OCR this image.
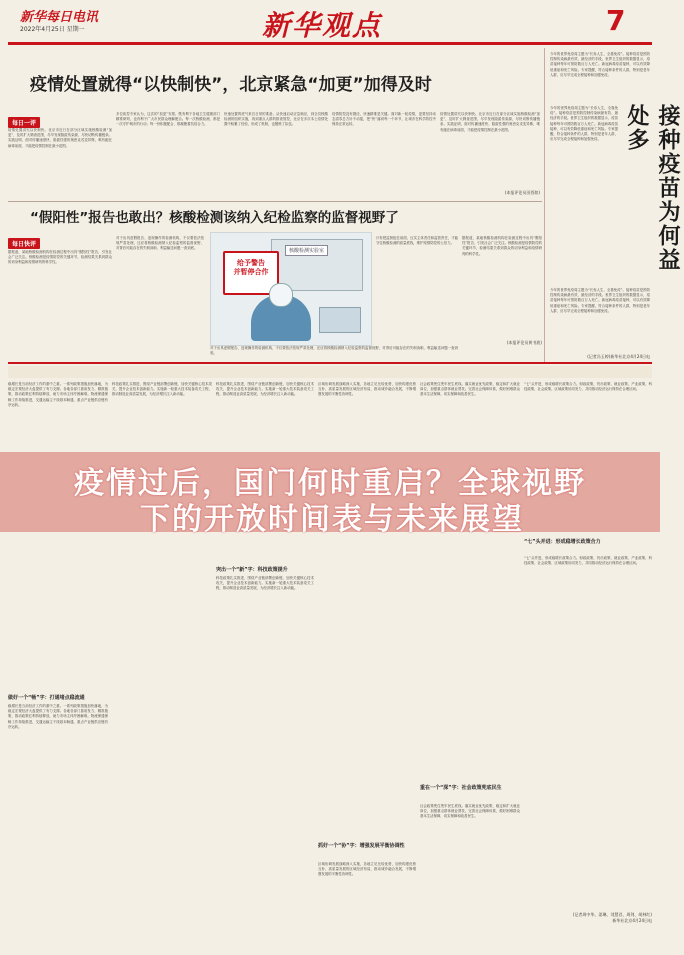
新华每日电讯
2022年4月25日 星期一	新华观点	7
今年的世界免疫周主题为“长寿人生，全靠免疫”。接种疫苗是预防控制传染病最有效、最经济的手段。世界卫生组织的数据显示，疫苗接种每年可预防数百万人死亡。新冠病毒疫苗接种，可以有效降低重症和死亡风险。专家提醒，符合接种条件的人群，特别是老年人群，应尽早完成全程接种和加强免疫。
接种疫苗为何益处多
今年的世界免疫周主题为“长寿人生，全靠免疫”。接种疫苗是预防控制传染病最有效、最经济的手段。世界卫生组织的数据显示，疫苗接种每年可预防数百万人死亡。新冠病毒疫苗接种，可以有效降低重症和死亡风险。专家提醒，符合接种条件的人群，特别是老年人群，应尽早完成全程接种和加强免疫。
今年的世界免疫周主题为“长寿人生，全靠免疫”。接种疫苗是预防控制传染病最有效、最经济的手段。世界卫生组织的数据显示，疫苗接种每年可预防数百万人死亡。新冠病毒疫苗接种，可以有效降低重症和死亡风险。专家提醒，符合接种条件的人群，特别是老年人群，应尽早完成全程接种和加强免疫。
(记者冯玉婷)新华社北京4月24日电
疫情处置就得“以快制快”，北京紧急“加更”加得及时
每日一评
疫情处置讲究以快制快。北京市近日在部分区域实施核酸检测“加更”，及时扩大筛查范围，尽早发现隐匿传染源，尽快切断传播链条。实践证明，面对传播速度快、隐匿性强的奥密克戎变异株，唯有跑在病毒前面，才能把疫情控制在最小范围。
多位疾控专家认为，这次的“加更”安排，既有利于各地卫生健康部门精准研判，也有利于广大市民群众理解配合。每一次核酸检测，都是一次守护城市的行动；每一份积极配合，都凝聚着抗疫合力。
快速处置的底气来自日常的准备。从快速启动应急响应，到全员核酸检测的组织实施，再到重点人群的排查管控，北京在多次本土疫情处置中积累了经验，形成了机制，也锻炼了队伍。
疫情防控没有捷径，快速精准是关键。面对新一轮疫情，更要坚持动态清零总方针不动摇，把“快”落到每一个环节，让城市在科学防控中保持正常运转。
疫情处置讲究以快制快。北京市近日在部分区域实施核酸检测“加更”，及时扩大筛查范围，尽早发现隐匿传染源，尽快切断传播链条。实践证明，面对传播速度快、隐匿性强的奥密克戎变异株，唯有跑在病毒前面，才能把疫情控制在最小范围。
(本报评论员田酉如)
“假阳性”报告也敢出？核酸检测该纳入纪检监察的监督视野了
每日快评
据报道，某地核酸检测机构在检测过程中出具“假阳性”报告，引发社会广泛关注。核酸检测是疫情防控的关键环节，检测结果关系到群众的切身利益和疫情研判的科学性。
对于出具虚假报告、违规操作的检测机构，不仅要依法依规严肃处理，还应将核酸检测纳入纪检监察的监督视野，对背后可能存在的失职渎职、利益输送问题一查到底。	核酸检测实验室
给予警告
并暂停合作
只有把监督挺在前面，压实主体责任和监管责任，才能守住核酸检测的质量底线，维护疫情防控的公信力。
据报道，某地核酸检测机构在检测过程中出具“假阳性”报告，引发社会广泛关注。核酸检测是疫情防控的关键环节，检测结果关系到群众的切身利益和疫情研判的科学性。
(本报评论员黄书波)
对于出具虚假报告、违规操作的检测机构，不仅要依法依规严肃处理，还应将核酸检测纳入纪检监察的监督视野，对背后可能存在的失职渎职、利益输送问题一查到底。
稳增长是当前经济工作的重中之重。一系列政策措施加快落地，为稳定宏观经济大盘提供了有力支撑。各地各部门靠前发力、精准施策，推动政策红利持续释放，助力市场主体纾困解难。物流保通保畅工作持续推进，交通运输主干线基本畅通，重点产业链供应链有序运转。
做好一个“畅”字：打通堵点稳流通
稳增长是当前经济工作的重中之重。一系列政策措施加快落地，为稳定宏观经济大盘提供了有力支撑。各地各部门靠前发力、精准施策，推动政策红利持续释放，助力市场主体纾困解难。物流保通保畅工作持续推进，交通运输主干线基本畅通，重点产业链供应链有序运转。
科技政策扎实推进，围绕产业链部署创新链，加快关键核心技术攻关，提升企业技术创新能力。实施新一轮重大技术装备攻关工程，推动制造业高质量发展，为经济增长注入新动能。
科技政策扎实推进，围绕产业链部署创新链，加快关键核心技术攻关，提升企业技术创新能力。实施新一轮重大技术装备攻关工程，推动制造业高质量发展，为经济增长注入新动能。
突出一个“新”字：科技政策提升
科技政策扎实推进，围绕产业链部署创新链，加快关键核心技术攻关，提升企业技术创新能力。实施新一轮重大技术装备攻关工程，推动制造业高质量发展，为经济增长注入新动能。
区域协调发展战略深入实施，各地立足比较优势，加快构建优势互补、高质量发展的区域经济布局，推动城乡融合发展，不断增强发展的平衡性协调性。
抓好一个“协”字：增强发展平衡协调性
区域协调发展战略深入实施，各地立足比较优势，加快构建优势互补、高质量发展的区域经济布局，推动城乡融合发展，不断增强发展的平衡性协调性。
社会政策兜住兜牢民生底线。落实就业优先政策，稳定和扩大就业岗位，加强重点群体就业帮扶。完善社会保障体系，做好困难群众基本生活保障，切实保障和改善民生。
重在一个“深”字：社会政策兜底民生
社会政策兜住兜牢民生底线。落实就业优先政策，稳定和扩大就业岗位，加强重点群体就业帮扶。完善社会保障体系，做好困难群众基本生活保障，切实保障和改善民生。
“七”头并进，形成稳增长政策合力。财政政策、货币政策、就业政策、产业政策、科技政策、社会政策、区域政策协同发力，共同推动经济运行保持在合理区间。
“七”头并进：形成稳增长政策合力
“七”头并进，形成稳增长政策合力。财政政策、货币政策、就业政策、产业政策、科技政策、社会政策、区域政策协同发力，共同推动经济运行保持在合理区间。
(记者周中华、姜琳、刘慧君、周剑、胡林红)
新华社北京4月24日电
疫情过后，国门何时重启？全球视野
下的开放时间表与未来展望
